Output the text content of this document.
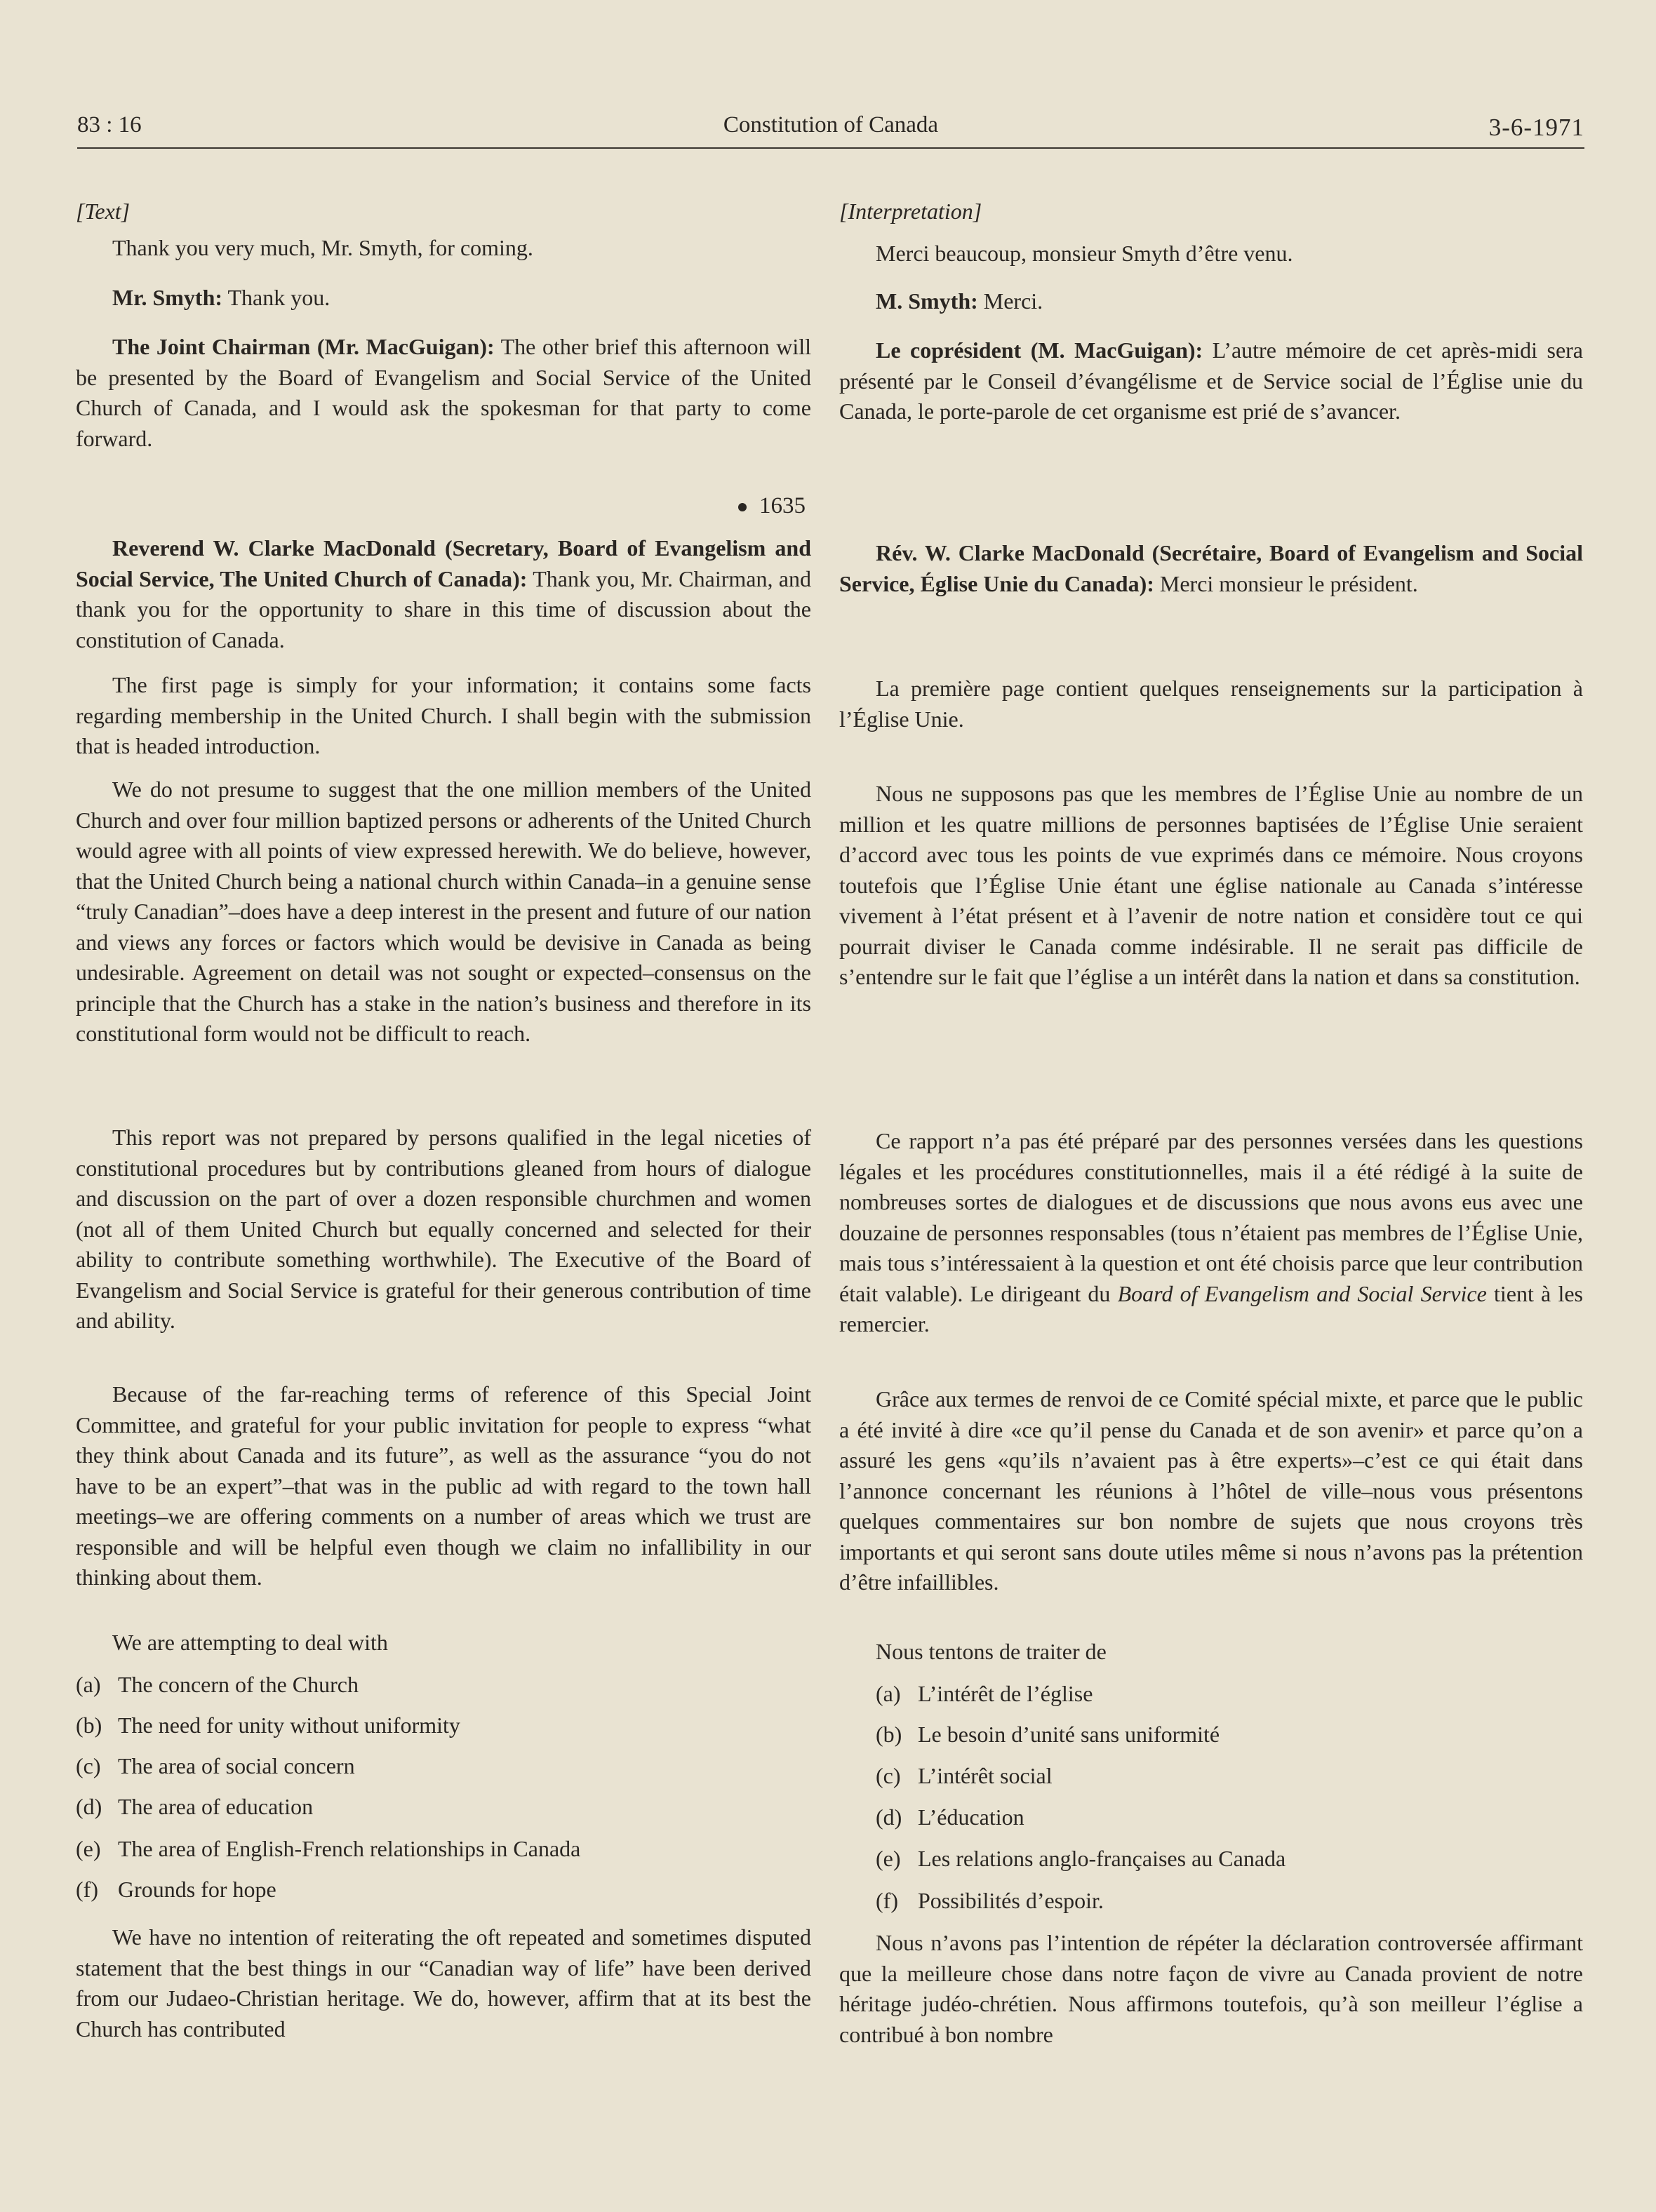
83 : 16	Constitution of Canada	3-6-1971

[Text]

Thank you very much, Mr. Smyth, for coming.

Mr. Smyth: Thank you.

The Joint Chairman (Mr. MacGuigan): The other brief this afternoon will be presented by the Board of Evangelism and Social Service of the United Church of Canada, and I would ask the spokesman for that party to come forward.

1635

Reverend W. Clarke MacDonald (Secretary, Board of Evangelism and Social Service, The United Church of Canada): Thank you, Mr. Chairman, and thank you for the opportunity to share in this time of discussion about the constitution of Canada.

The first page is simply for your information; it contains some facts regarding membership in the United Church. I shall begin with the submission that is headed introduction.

We do not presume to suggest that the one million members of the United Church and over four million baptized persons or adherents of the United Church would agree with all points of view expressed herewith. We do believe, however, that the United Church being a national church within Canada–in a genuine sense “truly Canadian”–does have a deep interest in the present and future of our nation and views any forces or factors which would be devisive in Canada as being undesirable. Agreement on detail was not sought or expected–consensus on the principle that the Church has a stake in the nation’s business and therefore in its constitutional form would not be difficult to reach.

This report was not prepared by persons qualified in the legal niceties of constitutional procedures but by contributions gleaned from hours of dialogue and discussion on the part of over a dozen responsible churchmen and women (not all of them United Church but equally concerned and selected for their ability to contribute something worthwhile). The Executive of the Board of Evangelism and Social Service is grateful for their generous contribution of time and ability.

Because of the far-reaching terms of reference of this Special Joint Committee, and grateful for your public invitation for people to express “what they think about Canada and its future”, as well as the assurance “you do not have to be an expert”–that was in the public ad with regard to the town hall meetings–we are offering comments on a number of areas which we trust are responsible and will be helpful even though we claim no infallibility in our thinking about them.

We are attempting to deal with

(a) The concern of the Church
(b) The need for unity without uniformity
(c) The area of social concern
(d) The area of education
(e) The area of English-French relationships in Canada
(f) Grounds for hope

We have no intention of reiterating the oft repeated and sometimes disputed statement that the best things in our “Canadian way of life” have been derived from our Judaeo-Christian heritage. We do, however, affirm that at its best the Church has contributed

[Interpretation]

Merci beaucoup, monsieur Smyth d’être venu.

M. Smyth: Merci.

Le coprésident (M. MacGuigan): L’autre mémoire de cet après-midi sera présenté par le Conseil d’évangélisme et de Service social de l’Église unie du Canada, le porte-parole de cet organisme est prié de s’avancer.

Rév. W. Clarke MacDonald (Secrétaire, Board of Evangelism and Social Service, Église Unie du Canada): Merci monsieur le président.

La première page contient quelques renseignements sur la participation à l’Église Unie.

Nous ne supposons pas que les membres de l’Église Unie au nombre de un million et les quatre millions de personnes baptisées de l’Église Unie seraient d’accord avec tous les points de vue exprimés dans ce mémoire. Nous croyons toutefois que l’Église Unie étant une église nationale au Canada s’intéresse vivement à l’état présent et à l’avenir de notre nation et considère tout ce qui pourrait diviser le Canada comme indésirable. Il ne serait pas difficile de s’entendre sur le fait que l’église a un intérêt dans la nation et dans sa constitution.

Ce rapport n’a pas été préparé par des personnes versées dans les questions légales et les procédures constitutionnelles, mais il a été rédigé à la suite de nombreuses sortes de dialogues et de discussions que nous avons eus avec une douzaine de personnes responsables (tous n’étaient pas membres de l’Église Unie, mais tous s’intéressaient à la question et ont été choisis parce que leur contribution était valable). Le dirigeant du Board of Evangelism and Social Service tient à les remercier.

Grâce aux termes de renvoi de ce Comité spécial mixte, et parce que le public a été invité à dire «ce qu’il pense du Canada et de son avenir» et parce qu’on a assuré les gens «qu’ils n’avaient pas à être experts»–c’est ce qui était dans l’annonce concernant les réunions à l’hôtel de ville–nous vous présentons quelques commentaires sur bon nombre de sujets que nous croyons très importants et qui seront sans doute utiles même si nous n’avons pas la prétention d’être infaillibles.

Nous tentons de traiter de

(a) L’intérêt de l’église
(b) Le besoin d’unité sans uniformité
(c) L’intérêt social
(d) L’éducation
(e) Les relations anglo-françaises au Canada
(f) Possibilités d’espoir.

Nous n’avons pas l’intention de répéter la déclaration controversée affirmant que la meilleure chose dans notre façon de vivre au Canada provient de notre héritage judéo-chrétien. Nous affirmons toutefois, qu’à son meilleur l’église a contribué à bon nombre
